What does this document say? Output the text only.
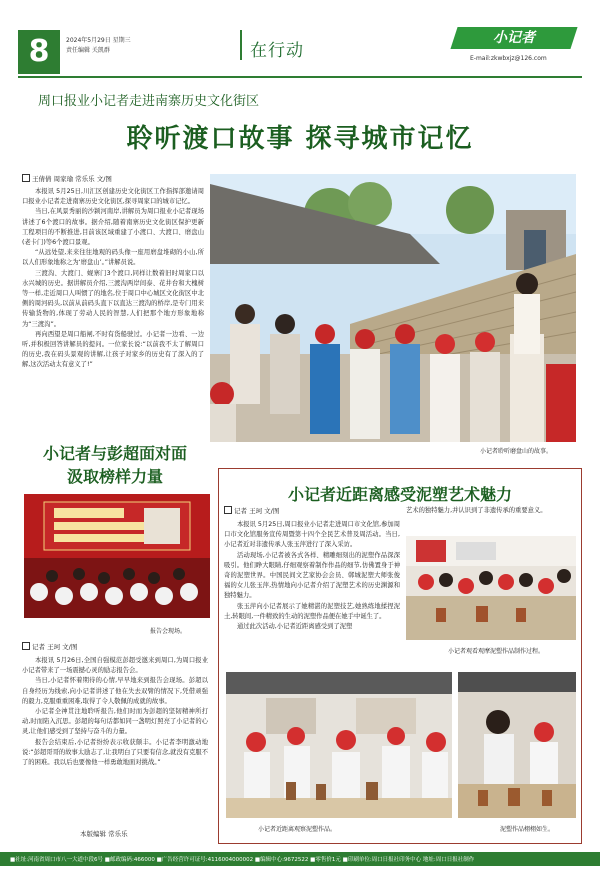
8	2024年5月29日 星期三
责任编辑 关凯群	在行动
小记者
E-mail:zkwbxjz@126.com
周口报业小记者走进南寨历史文化街区
聆听渡口故事 探寻城市记忆
王倩倩 周家瑜 常乐乐 文/图

本报讯 5月25日,川汇区创建历史文化街区工作指挥部邀请周口报业小记者走进南寨历史文化街区,探寻周家口的城市记忆。

当日,在风景秀丽的沙颍河南岸,讲解员为周口报业小记者现场讲述了6个渡口的故事。据介绍,随着南寨历史文化街区保护更新工程项目的不断推进,目前该区域重建了小渡口、大渡口、磨盘山(老卡门)等6个渡口景观。

“从远处望,来来往往地观的码头像一座用磨盘堆砌的小山,所以人们形象地称之为‘磨盘山’。”讲解员说。

三渡沟、大渡门、蚬寨门3个渡口,同样让数着旧时周家口以水兴城的历史。据讲解员介绍,三渡沟两岸间泰、花井台和大槐树等一样,走近周口人叫惯了的地名,位于周口中心城区文化街区中北侧的周河码头,以前从前码头直下以直达三渡沟的桥岸,是专门用来传输货物的,体现了劳动人民的智慧,人们把那个地方形象地称为“三渡沟”。

再向西望是周口船闸,不时有货船驶过。小记者一边看、一边听,并积极回答讲解员的提问。一位家长说:“以前我不太了解周口的历史,我在码头景观的讲解,让孩子对家乡的历史有了深入的了解,这次活动太有意义了!”

小记者聆听磨盘山的故事。
小记者与彭超面对面
汲取榜样力量
报告会现场。
记者 王珂 文/图

本报讯 5月26日,全国自强模范彭超受邀来到周口,为周口报业小记者带来了一场震撼心灵的励志报告会。

当日,小记者怀着期待的心情,早早地来到报告会现场。彭超以自身经历为线索,向小记者讲述了他在失去双臂的情况下,凭借顽强的毅力,克服重重困难,取得了令人敬佩的成就的故事。

小记者全神贯注地聆听报告,他们时而为彭超的坚韧精神所打动,时而陷入沉思。彭超的每句话都如同一盏明灯照亮了小记者的心灵,让他们感受到了坚持与奋斗的力量。

报告会结束后,小记者纷纷表示收获颇丰。小记者李明激动地说:“彭超哥哥的故事太励志了,让我明白了只要有信念,就没有克服不了的困难。我以后也要像他一样勇敢地面对挑战。”

本版编辑 常乐乐
小记者近距离感受泥塑艺术魅力
记者 王珂 文/图

本报讯 5月25日,周口报业小记者走进周口市文化馆,参加周口市文化馆服务宣传周暨第十四个全民艺术普及周活动。当日,小记者近对非遗传承人张玉萍进行了深入采访。

活动现场,小记者被各式各样、精雕细刻出的泥塑作品深深吸引。他们睁大眼睛,仔细观察着制作作品的细节,仿佛置身于神奇的泥塑世界。中国民间文艺家协会会员、郸城泥塑大师张俊福的女儿张玉萍,热情地向小记者介绍了泥塑艺术的历史渊源和独特魅力。

张玉萍向小记者展示了她精湛的泥塑技艺,她熟练地揉捏泥土,转眼间,一件精致的生动的泥塑作品便在她手中诞生了。

通过此次活动,小记者近距离感受到了泥塑

艺术的独特魅力,并认识到了非遗传承的重要意义。

小记者观看观摩泥塑作品制作过程。
小记者近距离观察泥塑作品。	泥塑作品栩栩如生。
■社址:河南省周口市八一大道中段6号 ■邮政编码:466000 ■广告经营许可证号:4116004000002 ■编辑中心:9672522 ■零售价1元 ■印刷单位:周口日报社印务中心 地址:周口日报社制作
